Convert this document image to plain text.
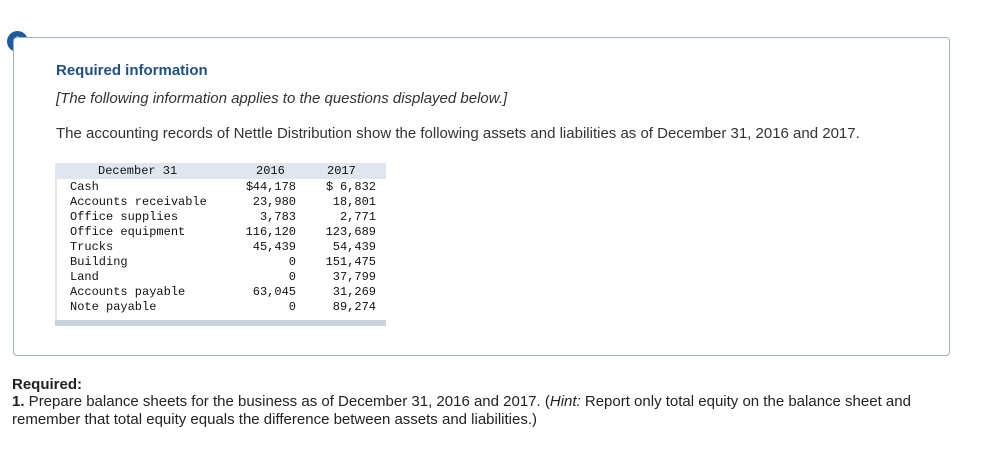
Required information
[The following information applies to the questions displayed below.]
The accounting records of Nettle Distribution show the following assets and liabilities as of December 31, 2016 and 2017.
December 31	2016	2017
Cash	$ 44,178	$ 6,832
Accounts receivable	23,980	18,801
Office supplies	3,783	2,771
Office equipment	116,120 123,689
Trucks	45,439	54,439
Building	0 151,475
Land	0	37,799
Accounts payable	63,045	31,269
Note payable	0	89,274
Required:
1. Prepare balance sheets for the business as of December 31, 2016 and 2017. (Hint: Report only total equity on the balance sheet and
remember that total equity equals the difference between assets and liabilities.)
